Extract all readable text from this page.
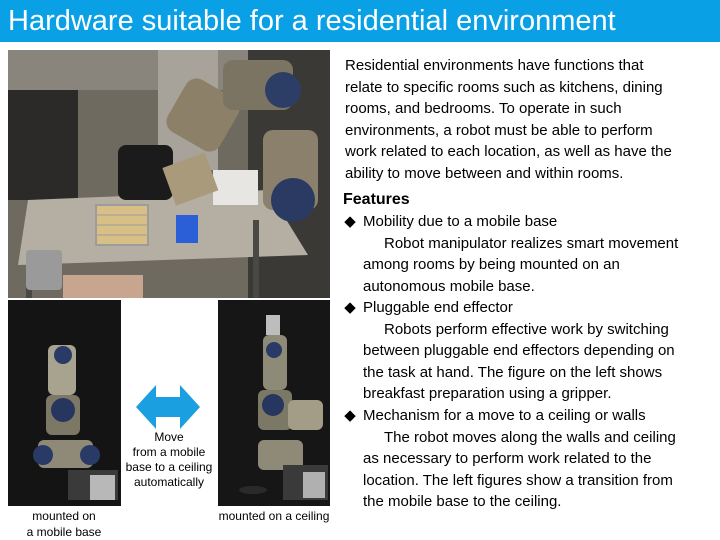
Hardware suitable for a residential environment
Move
from a mobile
base to a ceiling
automatically
mounted on
a mobile base
mounted on a ceiling
Residential environments have functions that
relate to specific rooms such as kitchens, dining
rooms, and bedrooms. To operate in such
environments, a robot must be able to perform
work related to each location, as well as have the
ability to move between and within rooms.
Features
◆ Mobility due to a mobile base
Robot manipulator realizes smart movement
among rooms by being mounted on an
autonomous mobile base.
◆ Pluggable end effector
Robots perform effective work by switching
between pluggable end effectors depending on
the task at hand. The figure on the left shows
breakfast preparation using a gripper.
◆ Mechanism for a move to a ceiling or walls
The robot moves along the walls and ceiling
as necessary to perform work related to the
location. The left figures show a transition from
the mobile base to the ceiling.
